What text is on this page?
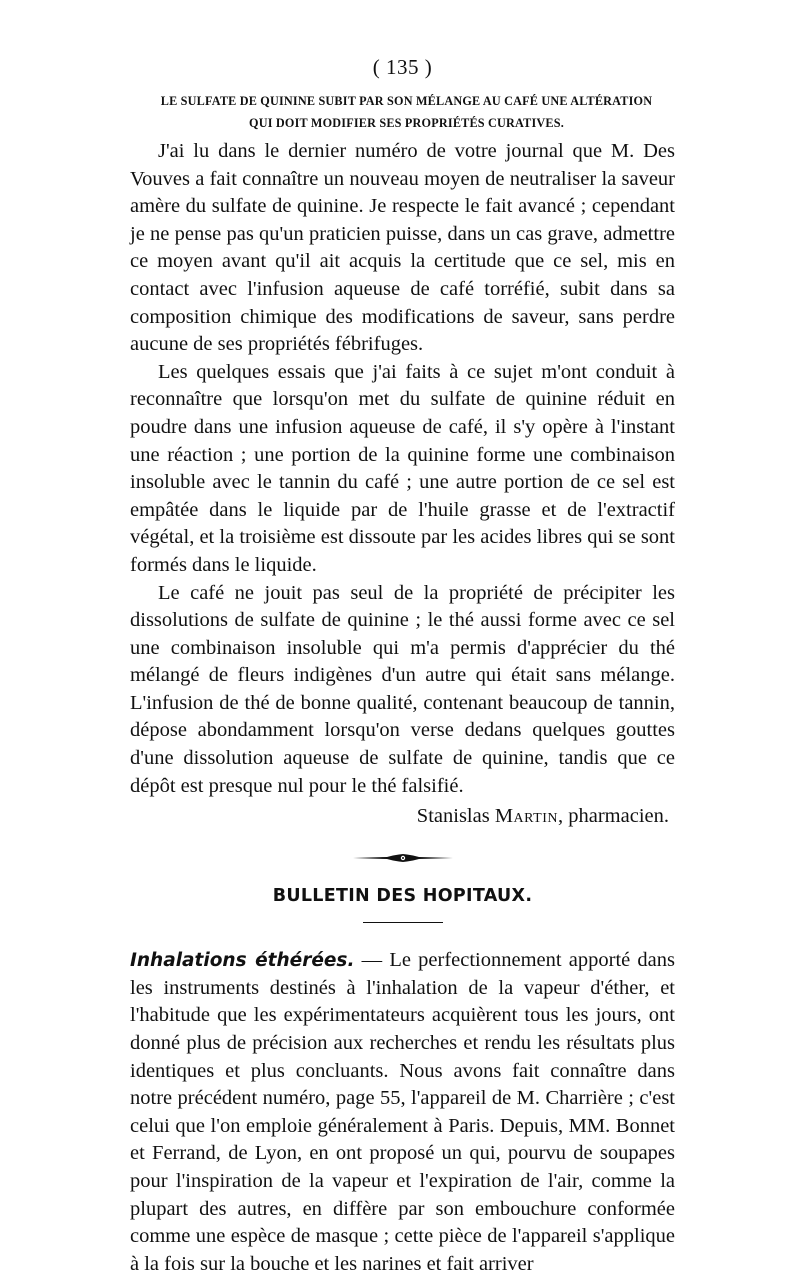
( 135 )
LE SULFATE DE QUININE SUBIT PAR SON MÉLANGE AU CAFÉ UNE ALTÉRATION
QUI DOIT MODIFIER SES PROPRIÉTÉS CURATIVES.

J'ai lu dans le dernier numéro de votre journal que M. Des Vouves a fait connaître un nouveau moyen de neutraliser la saveur amère du sulfate de quinine. Je respecte le fait avancé ; cependant je ne pense pas qu'un praticien puisse, dans un cas grave, admettre ce moyen avant qu'il ait acquis la certitude que ce sel, mis en contact avec l'infusion aqueuse de café torréfié, subit dans sa composition chimique des modifications de saveur, sans perdre aucune de ses propriétés fébrifuges.

Les quelques essais que j'ai faits à ce sujet m'ont conduit à reconnaître que lorsqu'on met du sulfate de quinine réduit en poudre dans une infusion aqueuse de café, il s'y opère à l'instant une réaction ; une portion de la quinine forme une combinaison insoluble avec le tannin du café ; une autre portion de ce sel est empâtée dans le liquide par de l'huile grasse et de l'extractif végétal, et la troisième est dissoute par les acides libres qui se sont formés dans le liquide.

Le café ne jouit pas seul de la propriété de précipiter les dissolutions de sulfate de quinine ; le thé aussi forme avec ce sel une combinaison insoluble qui m'a permis d'apprécier du thé mélangé de fleurs indigènes d'un autre qui était sans mélange. L'infusion de thé de bonne qualité, contenant beaucoup de tannin, dépose abondamment lorsqu'on verse dedans quelques gouttes d'une dissolution aqueuse de sulfate de quinine, tandis que ce dépôt est presque nul pour le thé falsifié.

Stanislas Martin, pharmacien.
BULLETIN DES HOPITAUX.

Inhalations éthérées. — Le perfectionnement apporté dans les instruments destinés à l'inhalation de la vapeur d'éther, et l'habitude que les expérimentateurs acquièrent tous les jours, ont donné plus de précision aux recherches et rendu les résultats plus identiques et plus concluants. Nous avons fait connaître dans notre précédent numéro, page 55, l'appareil de M. Charrière ; c'est celui que l'on emploie généralement à Paris. Depuis, MM. Bonnet et Ferrand, de Lyon, en ont proposé un qui, pourvu de soupapes pour l'inspiration de la vapeur et l'expiration de l'air, comme la plupart des autres, en diffère par son embouchure conformée comme une espèce de masque ; cette pièce de l'appareil s'applique à la fois sur la bouche et les narines et fait arriver
